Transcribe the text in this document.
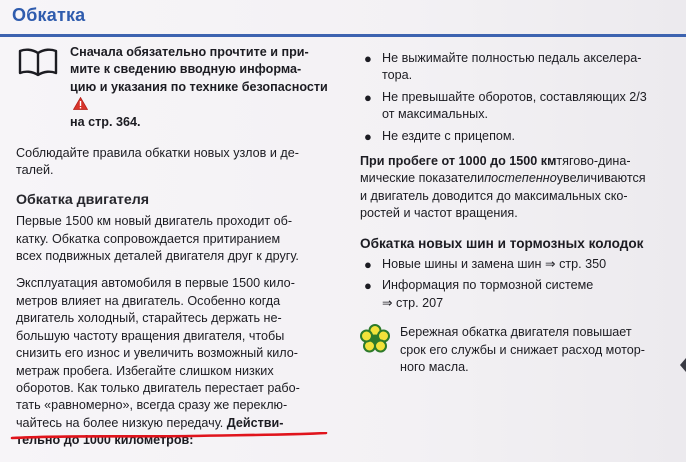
Обкатка
Сначала обязательно прочтите и при-
мите к сведению вводную информа-
цию и указания по технике безопасности
на стр. 364.
Соблюдайте правила обкатки новых узлов и де-
талей.
Обкатка двигателя
Первые 1500 км новый двигатель проходит об-
катку. Обкатка сопровождается притиранием
всех подвижных деталей двигателя друг к другу.
Эксплуатация автомобиля в первые 1500 кило-
метров влияет на двигатель. Особенно когда
двигатель холодный, старайтесь держать не-
большую частоту вращения двигателя, чтобы
снизить его износ и увеличить возможный кило-
метраж пробега. Избегайте слишком низких
оборотов. Как только двигатель перестает рабо-
тать «равномерно», всегда сразу же переклю-
чайтесь на более низкую передачу. Действи-
тельно до 1000 километров:
● Не выжимайте полностью педаль акселера-
тора.
● Не превышайте оборотов, составляющих 2/3
от максимальных.
● Не ездите с прицепом.
При пробеге от 1000 до 1500 кмтягово-дина-
мические показателипостепенноувеличиваются
и двигатель доводится до максимальных ско-
ростей и частот вращения.
Обкатка новых шин и тормозных колодок
● Новые шины и замена шин ⇒ стр. 350
● Информация по тормозной системе
⇒ стр. 207
Бережная обкатка двигателя повышает
срок его службы и снижает расход мотор-
ного масла.
